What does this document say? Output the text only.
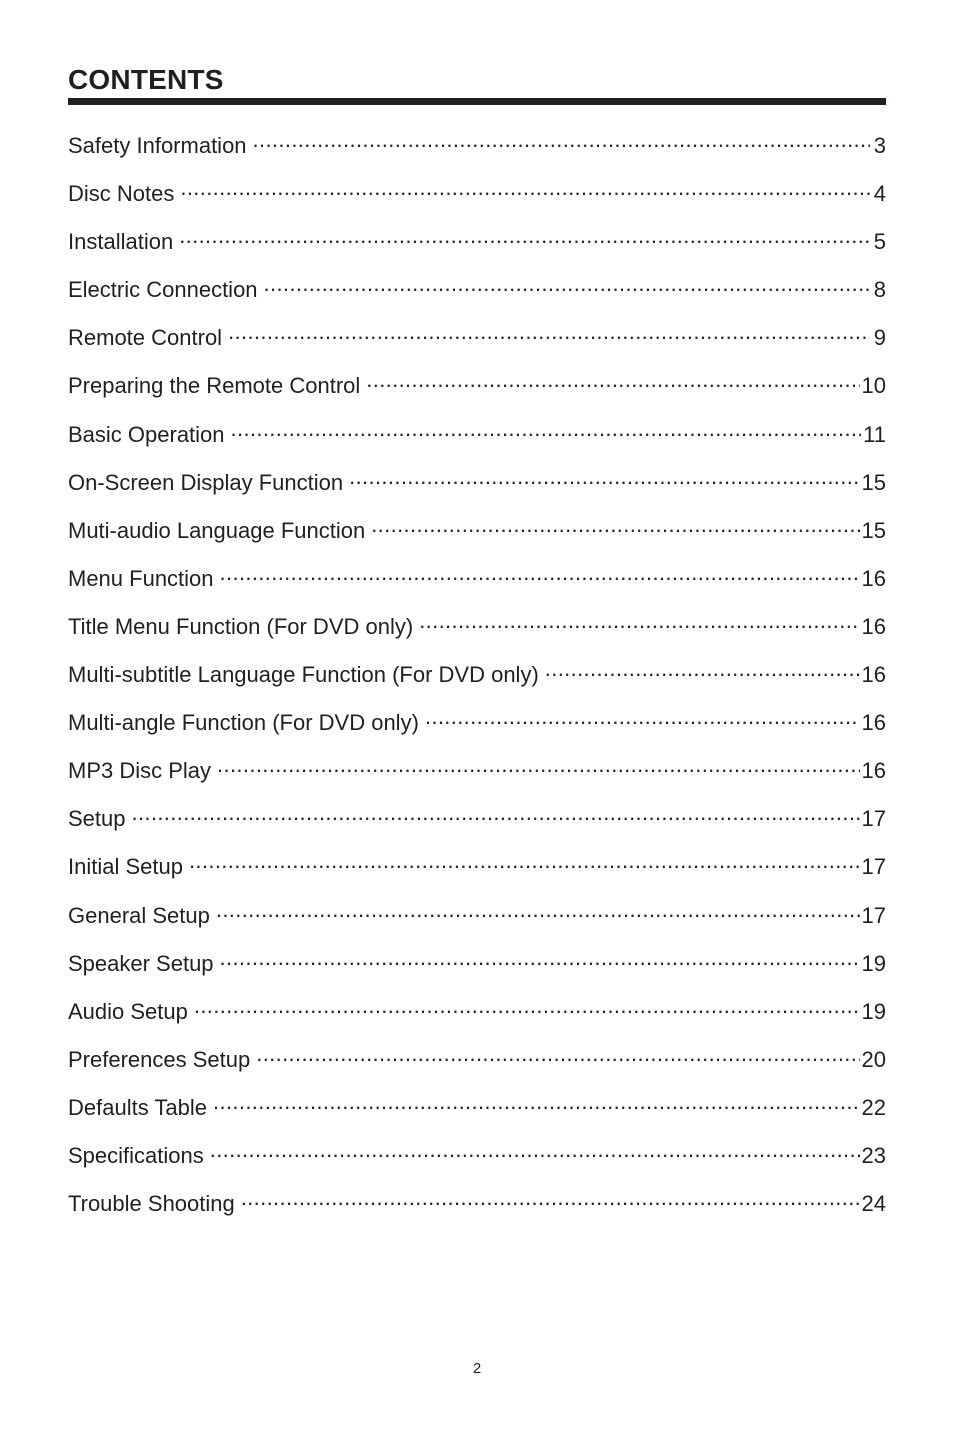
CONTENTS
Safety Information .....	3
Disc Notes .....	4
Installation .....	5
Electric Connection .....	8
Remote Control .....	9
Preparing the Remote Control .....	10
Basic Operation .....	11
On-Screen Display Function .....	15
Muti-audio Language Function .....	15
Menu Function .....	16
Title Menu Function (For DVD only) .....	16
Multi-subtitle Language Function (For DVD only) .....	16
Multi-angle Function (For DVD only) .....	16
MP3 Disc Play .....	16
Setup .....	17
Initial Setup .....	17
General Setup .....	17
Speaker Setup .....	19
Audio Setup .....	19
Preferences Setup .....	20
Defaults Table .....	22
Specifications .....	23
Trouble Shooting .....	24
2
